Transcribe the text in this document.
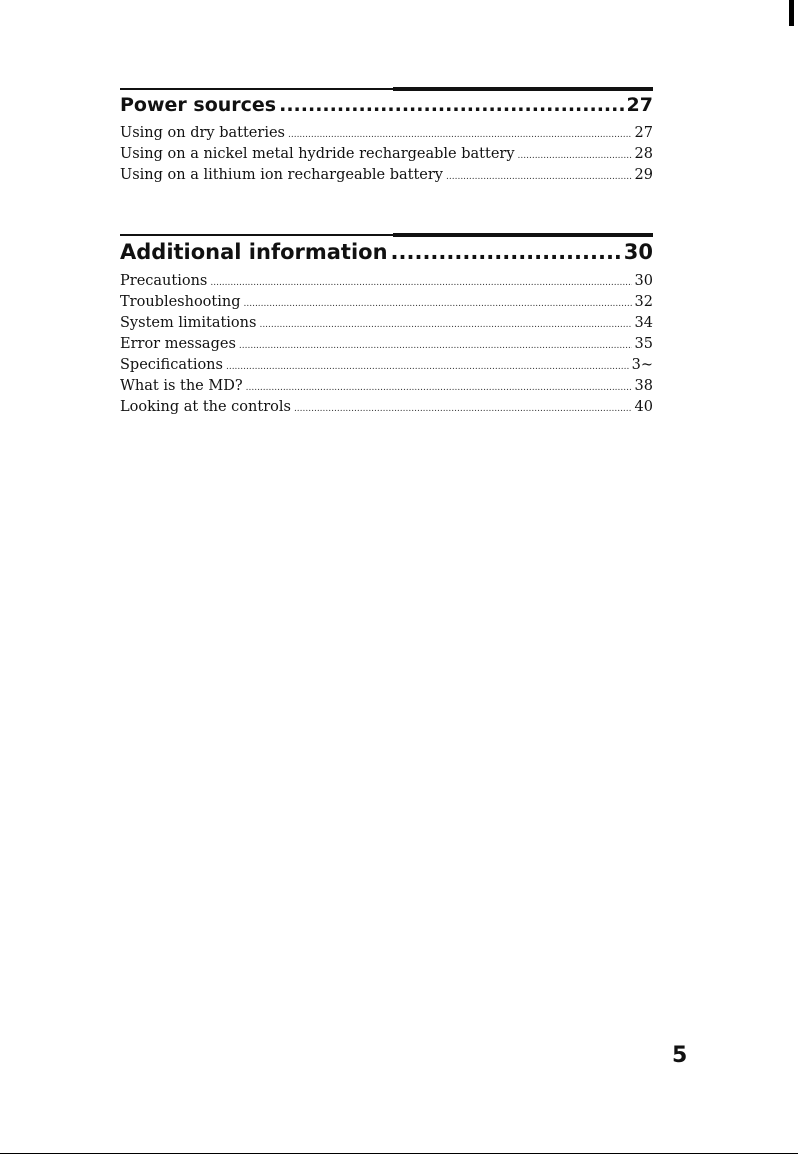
Power sources .....	27
Using on dry batteries .....	27
Using on a nickel metal hydride rechargeable battery .....	28
Using on a lithium ion rechargeable battery .....	29
Additional information .....	30
Precautions .....	30
Troubleshooting .....	32
System limitations .....	34
Error messages .....	35
Specifications .....	3~
What is the MD? .....	38
Looking at the controls .....	40
5
